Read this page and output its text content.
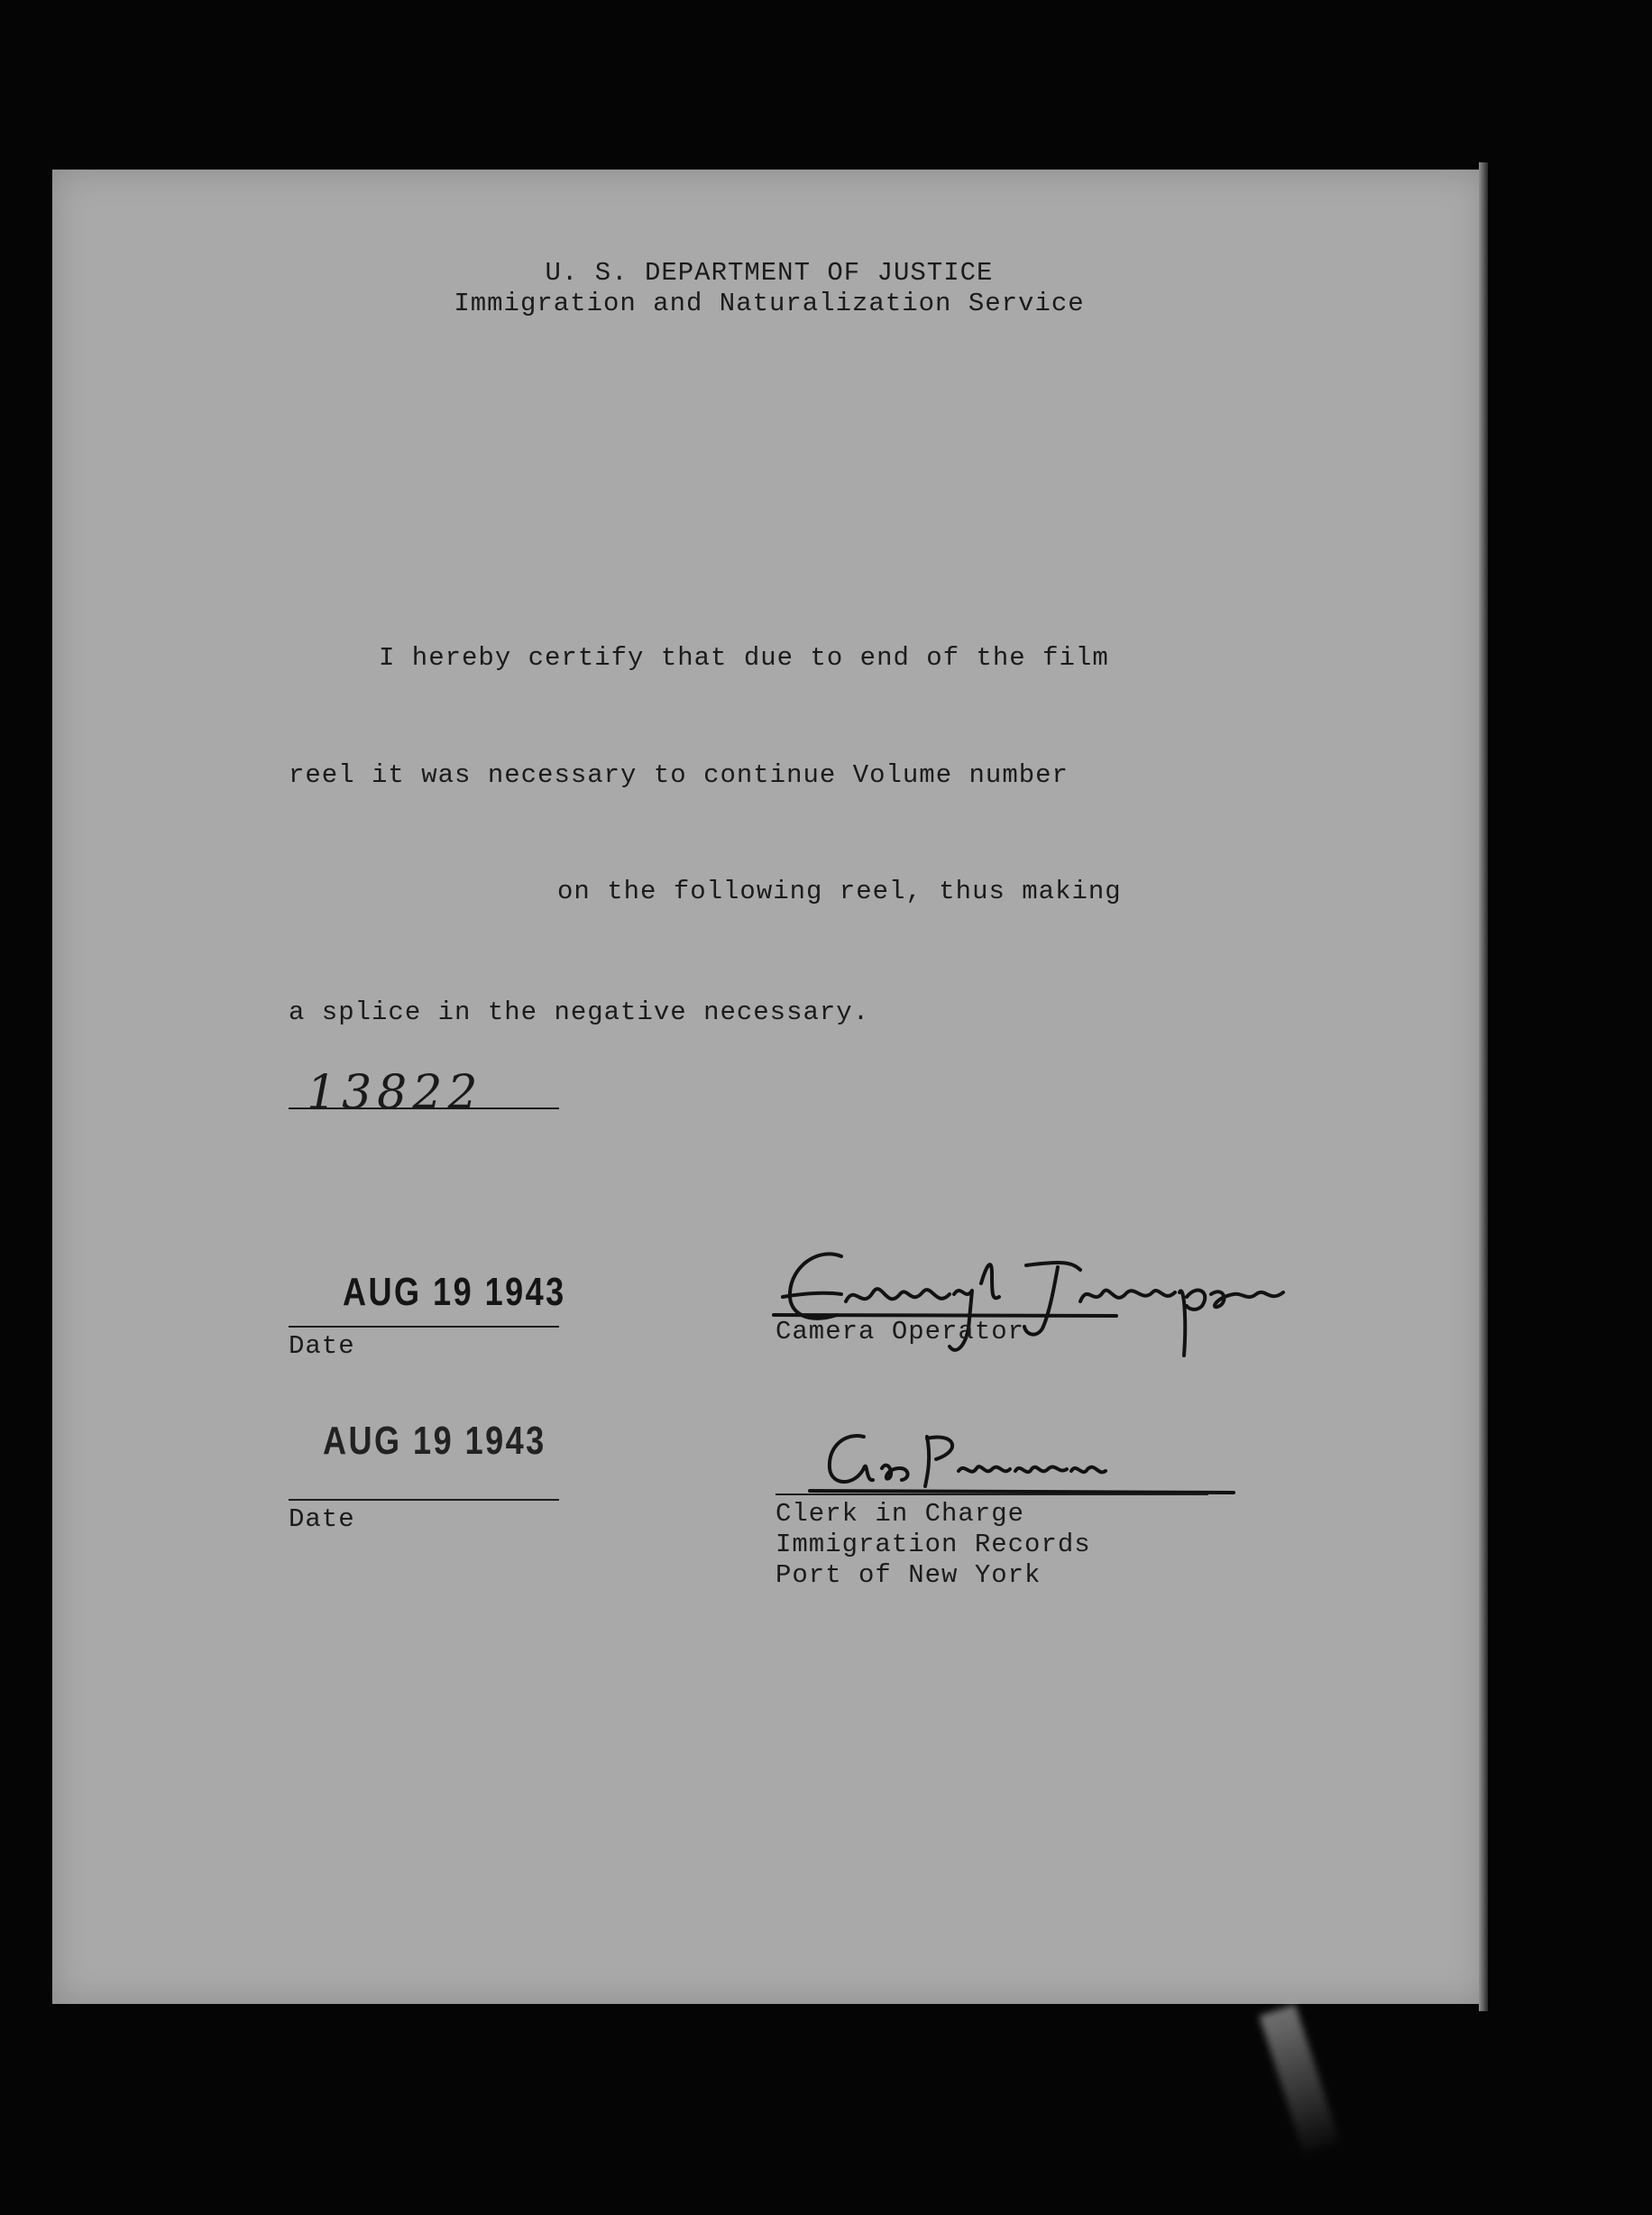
U. S. DEPARTMENT OF JUSTICE
Immigration and Naturalization Service
I hereby certify that due to end of the film
reel it was necessary to continue Volume number
13822
on the following reel, thus making
a splice in the negative necessary.
AUG 19 1943
Date
AUG 19 1943
Date
Camera Operator
Clerk in Charge
Immigration Records
Port of New York
